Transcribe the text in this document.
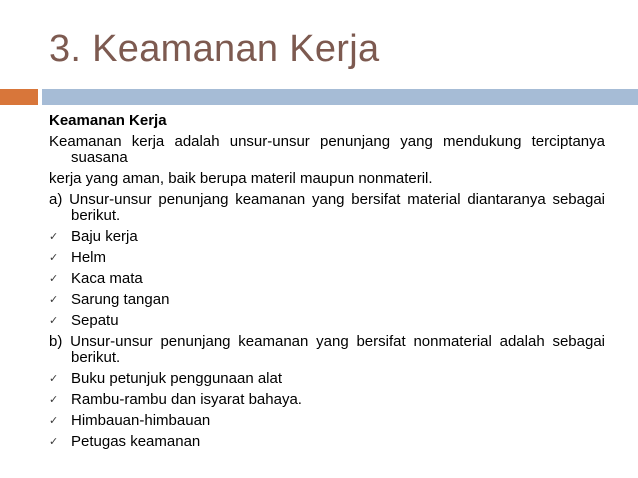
3. Keamanan Kerja
Keamanan Kerja
Keamanan kerja adalah unsur-unsur penunjang yang mendukung terciptanya suasana
kerja yang aman, baik berupa materil maupun nonmateril.
a) Unsur-unsur penunjang keamanan yang bersifat material diantaranya sebagai berikut.
✓ Baju kerja
✓ Helm
✓ Kaca mata
✓ Sarung tangan
✓ Sepatu
b) Unsur-unsur penunjang keamanan yang bersifat nonmaterial adalah sebagai berikut.
✓ Buku petunjuk penggunaan alat
✓ Rambu-rambu dan isyarat bahaya.
✓ Himbauan-himbauan
✓ Petugas keamanan
